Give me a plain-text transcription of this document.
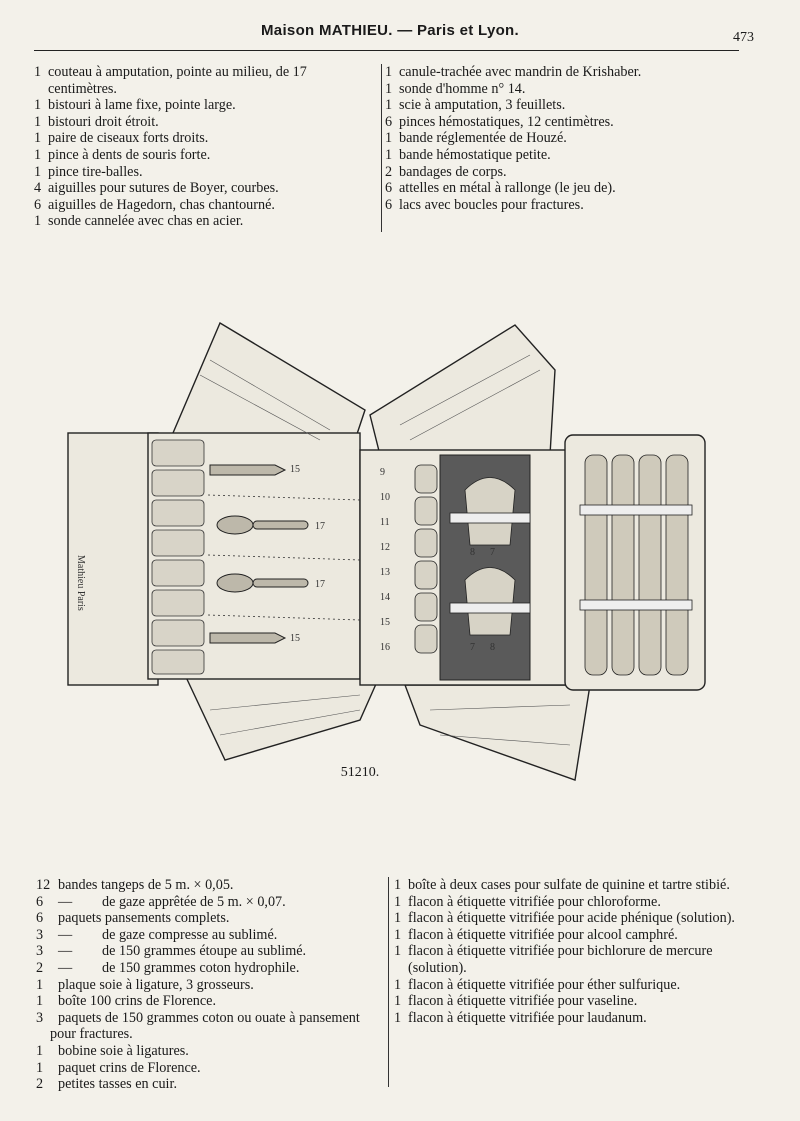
Maison MATHIEU. — Paris et Lyon.	473
1 couteau à amputation, pointe au milieu, de 17 centimètres.
1 bistouri à lame fixe, pointe large.
1 bistouri droit étroit.
1 paire de ciseaux forts droits.
1 pince à dents de souris forte.
1 pince tire-balles.
4 aiguilles pour sutures de Boyer, courbes.
6 aiguilles de Hagedorn, chas chantourné.
1 sonde cannelée avec chas en acier.
1 canule-trachée avec mandrin de Krishaber.
1 sonde d'homme n° 14.
1 scie à amputation, 3 feuillets.
6 pinces hémostatiques, 12 centimètres.
1 bande réglementée de Houzé.
1 bande hémostatique petite.
2 bandages de corps.
6 attelles en métal à rallonge (le jeu de).
6 lacs avec boucles pour fractures.
15
17
17
15
Mathieu Paris
9
10
11
12
13
14
15
16
8 7
7 8
51210.
12 bandes tangeps de 5 m. × 0,05.
6 — de gaze apprêtée de 5 m. × 0,07.
6 paquets pansements complets.
3 — de gaze compresse au sublimé.
3 — de 150 grammes étoupe au sublimé.
2 — de 150 grammes coton hydrophile.
1 plaque soie à ligature, 3 grosseurs.
1 boîte 100 crins de Florence.
3 paquets de 150 grammes coton ou ouate à pansement pour fractures.
1 bobine soie à ligatures.
1 paquet crins de Florence.
2 petites tasses en cuir.
1 boîte à deux cases pour sulfate de quinine et tartre stibié.
1 flacon à étiquette vitrifiée pour chloroforme.
1 flacon à étiquette vitrifiée pour acide phénique (solution).
1 flacon à étiquette vitrifiée pour alcool camphré.
1 flacon à étiquette vitrifiée pour bichlorure de mercure (solution).
1 flacon à étiquette vitrifiée pour éther sulfurique.
1 flacon à étiquette vitrifiée pour vaseline.
1 flacon à étiquette vitrifiée pour laudanum.
